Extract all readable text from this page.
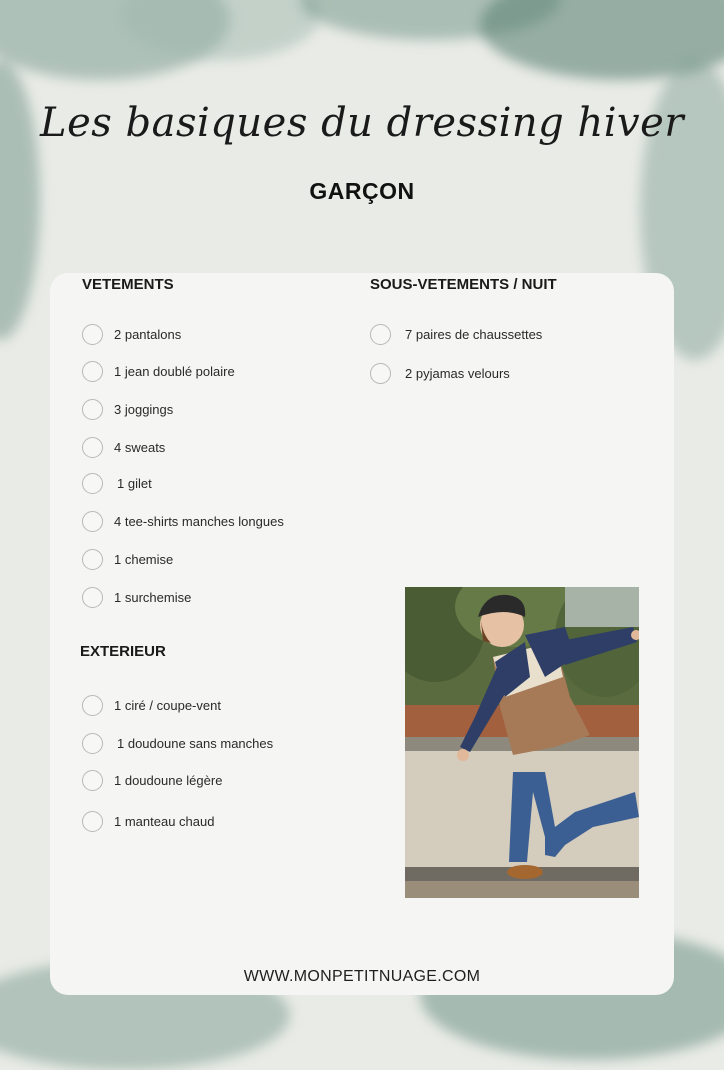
Les basiques du dressing hiver
GARÇON
VETEMENTS
2 pantalons
1 jean doublé polaire
3 joggings
4 sweats
1 gilet
4 tee-shirts manches longues
1 chemise
1 surchemise
SOUS-VETEMENTS / NUIT
7 paires de chaussettes
2 pyjamas velours
EXTERIEUR
1 ciré / coupe-vent
1 doudoune sans manches
1 doudoune légère
1 manteau chaud
WWW.MONPETITNUAGE.COM
